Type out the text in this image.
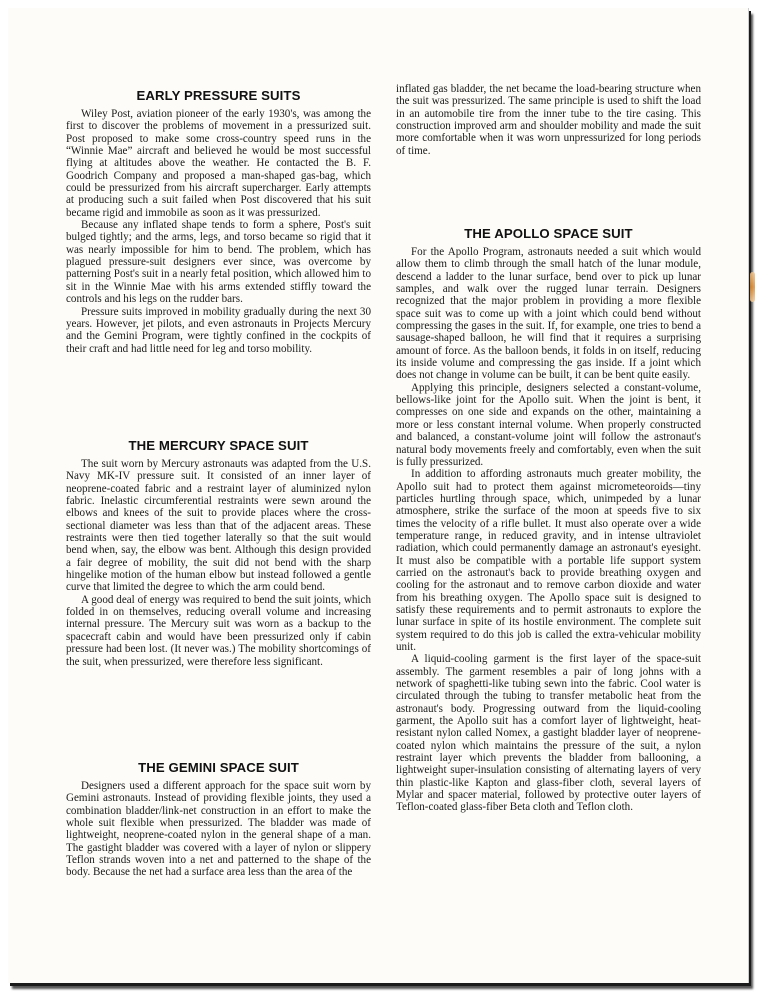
EARLY PRESSURE SUITS

Wiley Post, aviation pioneer of the early 1930's, was among the first to discover the problems of movement in a pressurized suit. Post proposed to make some cross-country speed runs in the “Winnie Mae” aircraft and believed he would be most successful flying at altitudes above the weather. He contacted the B. F. Goodrich Company and proposed a man-shaped gas-bag, which could be pressurized from his aircraft supercharger. Early attempts at producing such a suit failed when Post discovered that his suit became rigid and immobile as soon as it was pressurized.

Because any inflated shape tends to form a sphere, Post's suit bulged tightly; and the arms, legs, and torso became so rigid that it was nearly impossible for him to bend. The problem, which has plagued pressure-suit designers ever since, was overcome by patterning Post's suit in a nearly fetal position, which allowed him to sit in the Winnie Mae with his arms extended stiffly toward the controls and his legs on the rudder bars.

Pressure suits improved in mobility gradually during the next 30 years. However, jet pilots, and even astronauts in Projects Mercury and the Gemini Program, were tightly confined in the cockpits of their craft and had little need for leg and torso mobility.

THE MERCURY SPACE SUIT

The suit worn by Mercury astronauts was adapted from the U.S. Navy MK-IV pressure suit. It consisted of an inner layer of neoprene-coated fabric and a restraint layer of aluminized nylon fabric. Inelastic circumferential restraints were sewn around the elbows and knees of the suit to provide places where the cross-sectional diameter was less than that of the adjacent areas. These restraints were then tied together laterally so that the suit would bend when, say, the elbow was bent. Although this design provided a fair degree of mobility, the suit did not bend with the sharp hingelike motion of the human elbow but instead followed a gentle curve that limited the degree to which the arm could bend.

A good deal of energy was required to bend the suit joints, which folded in on themselves, reducing overall volume and increasing internal pressure. The Mercury suit was worn as a backup to the spacecraft cabin and would have been pressurized only if cabin pressure had been lost. (It never was.) The mobility shortcomings of the suit, when pressurized, were therefore less significant.

THE GEMINI SPACE SUIT

Designers used a different approach for the space suit worn by Gemini astronauts. Instead of providing flexible joints, they used a combination bladder/link-net construction in an effort to make the whole suit flexible when pressurized. The bladder was made of lightweight, neoprene-coated nylon in the general shape of a man. The gastight bladder was covered with a layer of nylon or slippery Teflon strands woven into a net and patterned to the shape of the body. Because the net had a surface area less than the area of the

inflated gas bladder, the net became the load-bearing structure when the suit was pressurized. The same principle is used to shift the load in an automobile tire from the inner tube to the tire casing. This construction improved arm and shoulder mobility and made the suit more comfortable when it was worn unpressurized for long periods of time.

THE APOLLO SPACE SUIT

For the Apollo Program, astronauts needed a suit which would allow them to climb through the small hatch of the lunar module, descend a ladder to the lunar surface, bend over to pick up lunar samples, and walk over the rugged lunar terrain. Designers recognized that the major problem in providing a more flexible space suit was to come up with a joint which could bend without compressing the gases in the suit. If, for example, one tries to bend a sausage-shaped balloon, he will find that it requires a surprising amount of force. As the balloon bends, it folds in on itself, reducing its inside volume and compressing the gas inside. If a joint which does not change in volume can be built, it can be bent quite easily.

Applying this principle, designers selected a constant-volume, bellows-like joint for the Apollo suit. When the joint is bent, it compresses on one side and expands on the other, maintaining a more or less constant internal volume. When properly constructed and balanced, a constant-volume joint will follow the astronaut's natural body movements freely and comfortably, even when the suit is fully pressurized.

In addition to affording astronauts much greater mobility, the Apollo suit had to protect them against micrometeoroids—tiny particles hurtling through space, which, unimpeded by a lunar atmosphere, strike the surface of the moon at speeds five to six times the velocity of a rifle bullet. It must also operate over a wide temperature range, in reduced gravity, and in intense ultraviolet radiation, which could permanently damage an astronaut's eyesight. It must also be compatible with a portable life support system carried on the astronaut's back to provide breathing oxygen and cooling for the astronaut and to remove carbon dioxide and water from his breathing oxygen. The Apollo space suit is designed to satisfy these requirements and to permit astronauts to explore the lunar surface in spite of its hostile environment. The complete suit system required to do this job is called the extra-vehicular mobility unit.

A liquid-cooling garment is the first layer of the space-suit assembly. The garment resembles a pair of long johns with a network of spaghetti-like tubing sewn into the fabric. Cool water is circulated through the tubing to transfer metabolic heat from the astronaut's body. Progressing outward from the liquid-cooling garment, the Apollo suit has a comfort layer of lightweight, heat-resistant nylon called Nomex, a gastight bladder layer of neoprene-coated nylon which maintains the pressure of the suit, a nylon restraint layer which prevents the bladder from ballooning, a lightweight super-insulation consisting of alternating layers of very thin plastic-like Kapton and glass-fiber cloth, several layers of Mylar and spacer material, followed by protective outer layers of Teflon-coated glass-fiber Beta cloth and Teflon cloth.
